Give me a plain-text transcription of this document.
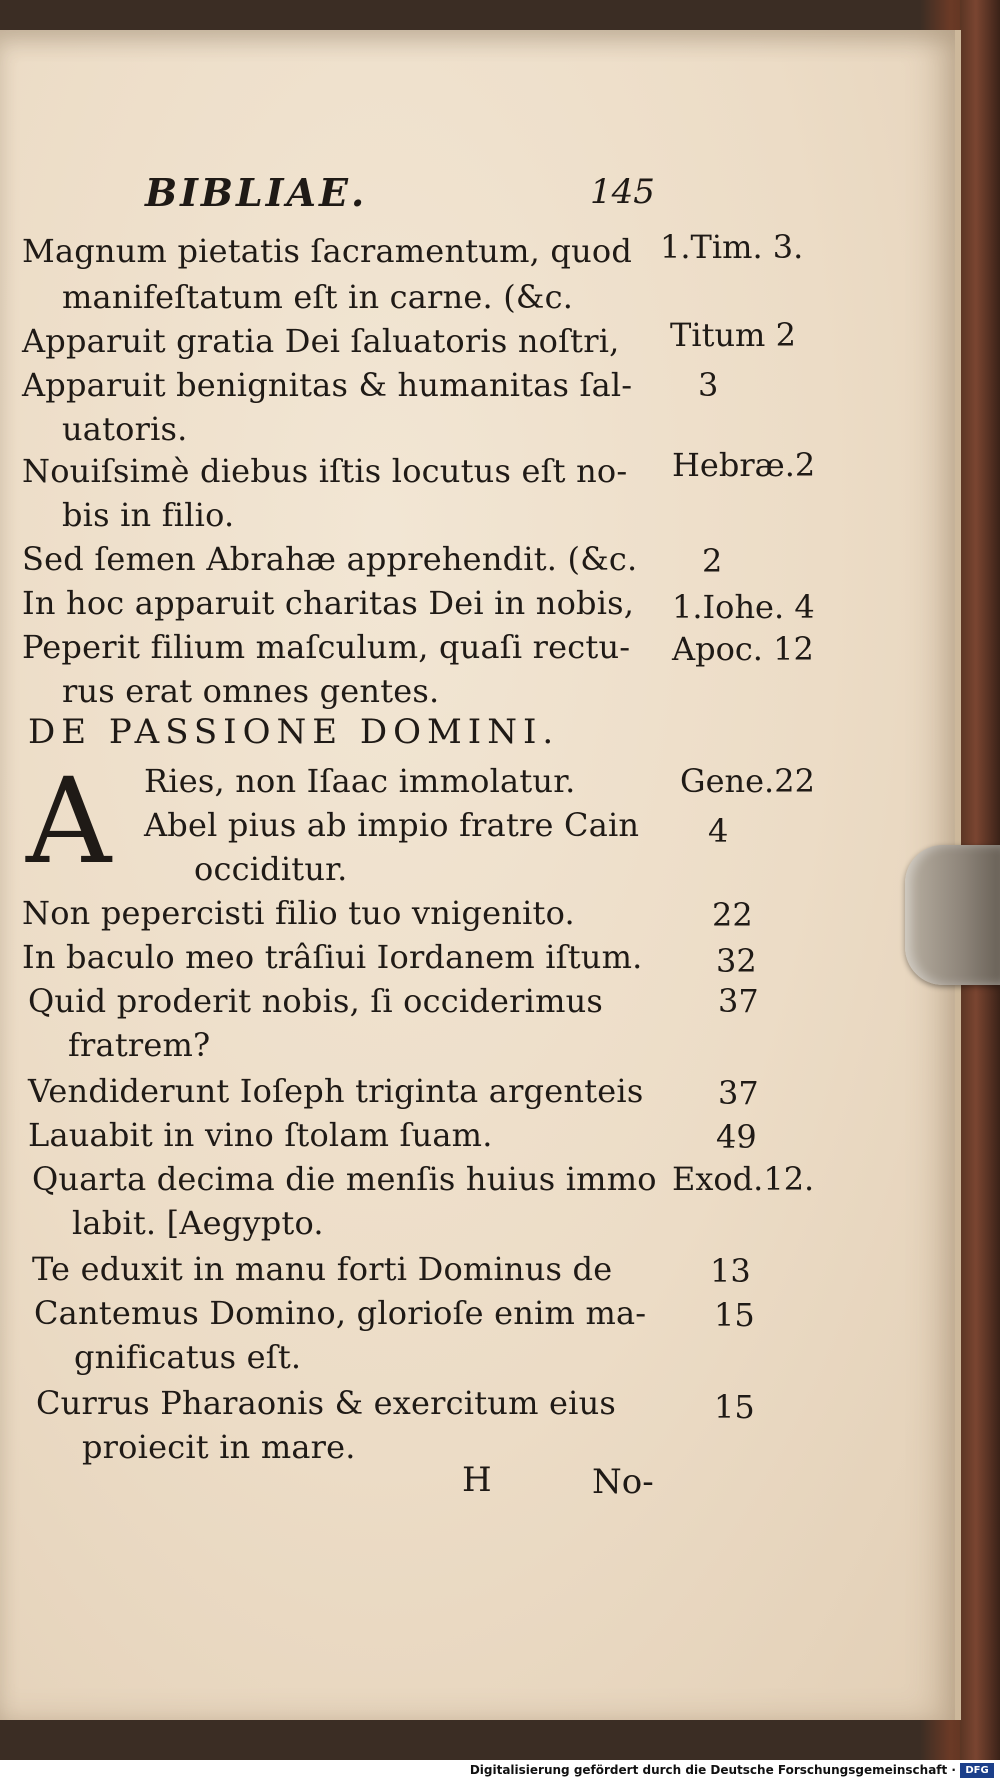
BIBLIAE.	145
Magnum pietatis ſacramentum, quod 1.Tim. 3.
manifeſtatum eſt in carne. (&c.
Apparuit gratia Dei ſaluatoris noſtri, Titum 2
Apparuit benignitas & humanitas ſal- 3
uatoris.
Nouiſsimè diebus iſtis locutus eſt no- Hebræ.2
bis in filio.
Sed ſemen Abrahæ apprehendit. (&c. 2
In hoc apparuit charitas Dei in nobis, 1.Iohe. 4
Peperit filium maſculum, quaſi rectu- Apoc. 12
rus erat omnes gentes.
DE PASSIONE DOMINI.
A Ries, non Iſaac immolatur.	Gene.22
Abel pius ab impio fratre Cain 4
occiditur.
Non pepercisti filio tuo vnigenito.	22
In baculo meo trâſiui Iordanem iſtum. 32
Quid proderit nobis, ſi occiderimus	37
fratrem?
Vendiderunt Ioſeph triginta argenteis 37
Lauabit in vino ſtolam ſuam.	49
Quarta decima die menſis huius immo Exod.12.
labit. [Aegypto.
Te eduxit in manu forti Dominus de	13
Cantemus Domino, glorioſe enim ma- 15
gnificatus eſt.
Currus Pharaonis & exercitum eius	15
proiecit in mare.
H	No-
Digitalisierung gefördert durch die Deutsche Forschungsgemeinschaft · DFG
